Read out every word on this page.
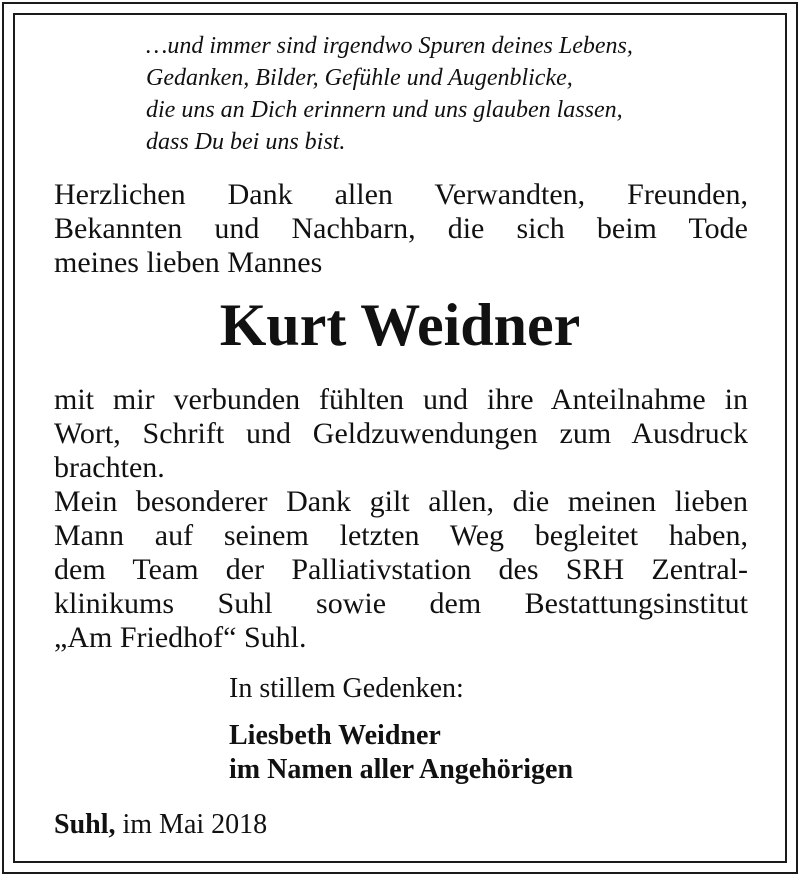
…und immer sind irgendwo Spuren deines Lebens,
Gedanken, Bilder, Gefühle und Augenblicke,
die uns an Dich erinnern und uns glauben lassen,
dass Du bei uns bist.
Herzlichen Dank allen Verwandten, Freunden,
Bekannten und Nachbarn, die sich beim Tode
meines lieben Mannes
Kurt Weidner
mit mir verbunden fühlten und ihre Anteilnahme in
Wort, Schrift und Geldzuwendungen zum Ausdruck
brachten.
Mein besonderer Dank gilt allen, die meinen lieben
Mann auf seinem letzten Weg begleitet haben,
dem Team der Palliativstation des SRH Zentral-
klinikums Suhl sowie dem Bestattungsinstitut
„Am Friedhof“ Suhl.
In stillem Gedenken:
Liesbeth Weidner
im Namen aller Angehörigen
Suhl, im Mai 2018
